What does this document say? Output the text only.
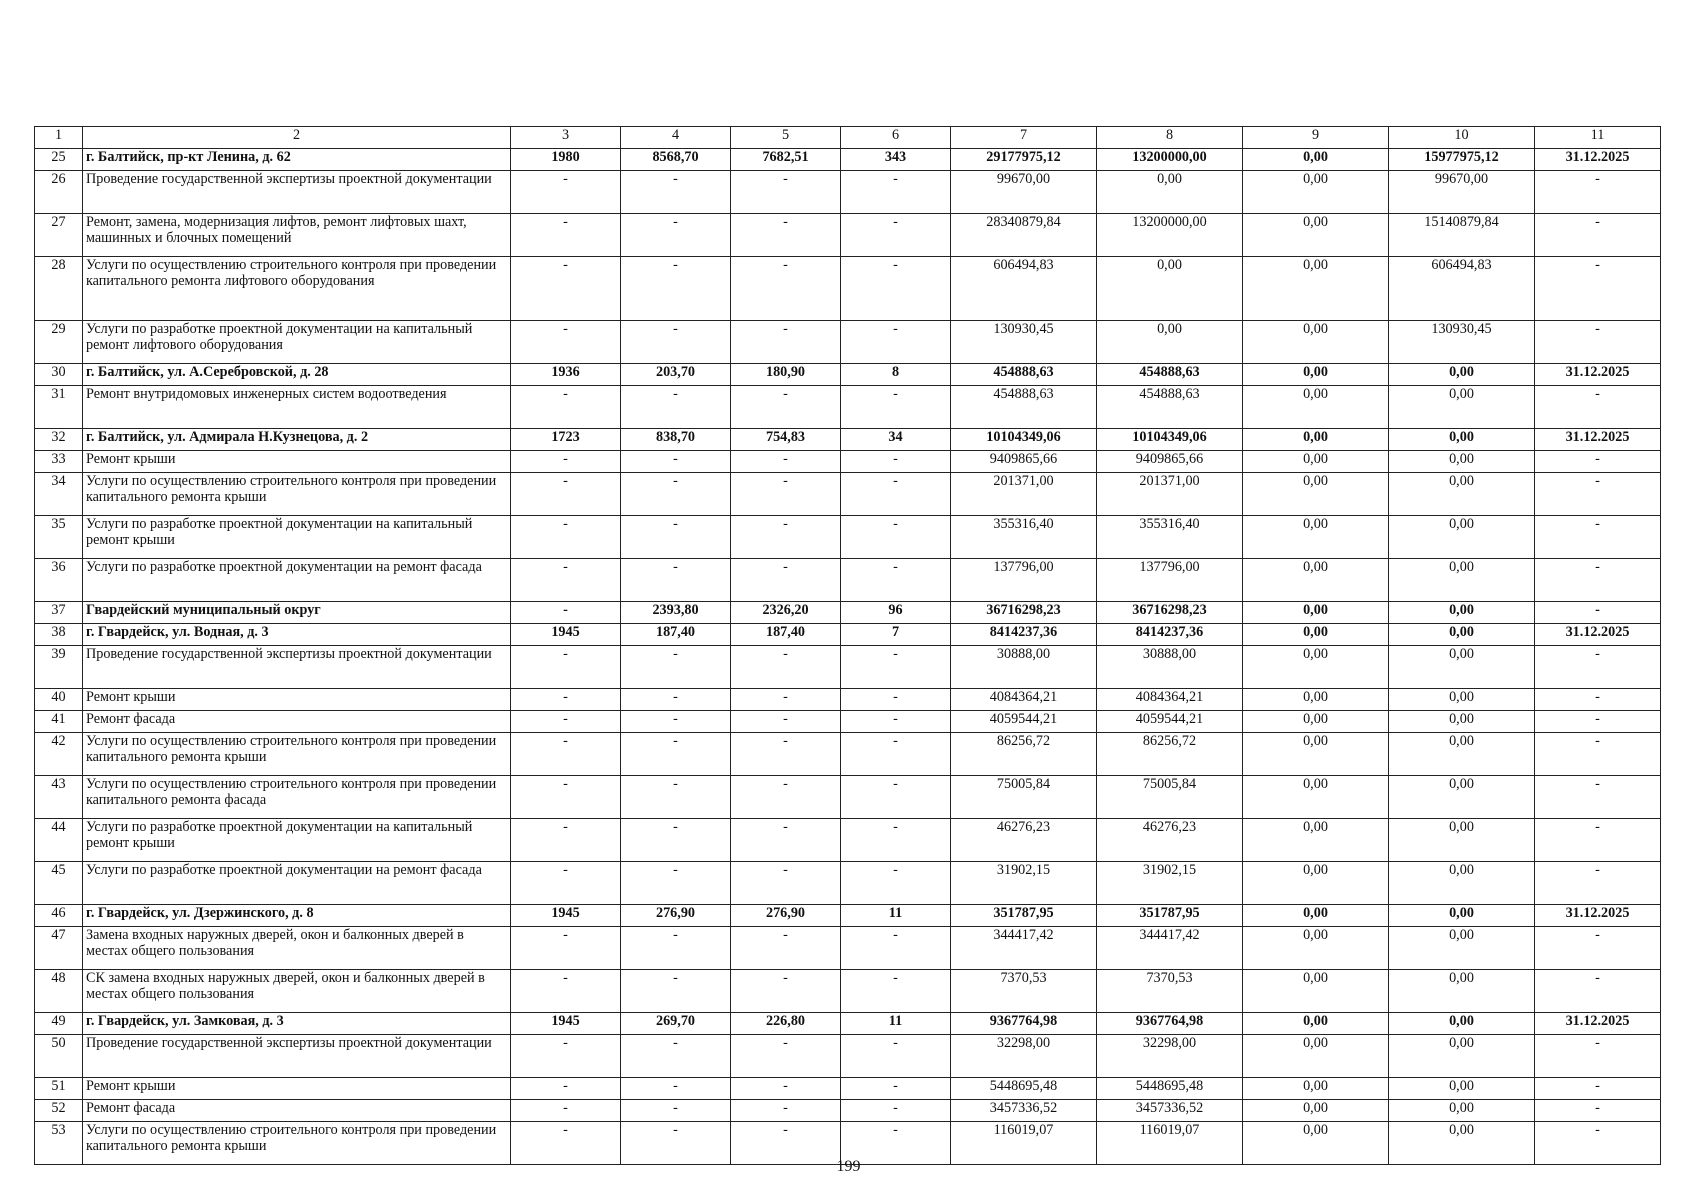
1	2	3	4	5	6	7	8	9	10	11
25	г. Балтийск, пр-кт Ленина, д. 62	1980	8568,70	7682,51	343	29177975,12	13200000,00	0,00	15977975,12	31.12.2025
26	Проведение государственной экспертизы проектной документации	-	-	-	-	99670,00	0,00	0,00	99670,00	-
27	Ремонт, замена, модернизация лифтов, ремонт лифтовых шахт, машинных и блочных помещений	-	-	-	-	28340879,84	13200000,00	0,00	15140879,84	-
28	Услуги по осуществлению строительного контроля при проведении капитального ремонта лифтового оборудования	-	-	-	-	606494,83	0,00	0,00	606494,83	-
29	Услуги по разработке проектной документации на капитальный ремонт лифтового оборудования	-	-	-	-	130930,45	0,00	0,00	130930,45	-
30	г. Балтийск, ул. А.Серебровской, д. 28	1936	203,70	180,90	8	454888,63	454888,63	0,00	0,00	31.12.2025
31	Ремонт внутридомовых инженерных систем водоотведения	-	-	-	-	454888,63	454888,63	0,00	0,00	-
32	г. Балтийск, ул. Адмирала Н.Кузнецова, д. 2	1723	838,70	754,83	34	10104349,06	10104349,06	0,00	0,00	31.12.2025
33	Ремонт крыши	-	-	-	-	9409865,66	9409865,66	0,00	0,00	-
34	Услуги по осуществлению строительного контроля при проведении капитального ремонта крыши	-	-	-	-	201371,00	201371,00	0,00	0,00	-
35	Услуги по разработке проектной документации на капитальный ремонт крыши	-	-	-	-	355316,40	355316,40	0,00	0,00	-
36	Услуги по разработке проектной документации на ремонт фасада	-	-	-	-	137796,00	137796,00	0,00	0,00	-
37	Гвардейский муниципальный округ	-	2393,80	2326,20	96	36716298,23	36716298,23	0,00	0,00	-
38	г. Гвардейск, ул. Водная, д. 3	1945	187,40	187,40	7	8414237,36	8414237,36	0,00	0,00	31.12.2025
39	Проведение государственной экспертизы проектной документации	-	-	-	-	30888,00	30888,00	0,00	0,00	-
40	Ремонт крыши	-	-	-	-	4084364,21	4084364,21	0,00	0,00	-
41	Ремонт фасада	-	-	-	-	4059544,21	4059544,21	0,00	0,00	-
42	Услуги по осуществлению строительного контроля при проведении капитального ремонта крыши	-	-	-	-	86256,72	86256,72	0,00	0,00	-
43	Услуги по осуществлению строительного контроля при проведении капитального ремонта фасада	-	-	-	-	75005,84	75005,84	0,00	0,00	-
44	Услуги по разработке проектной документации на капитальный ремонт крыши	-	-	-	-	46276,23	46276,23	0,00	0,00	-
45	Услуги по разработке проектной документации на ремонт фасада	-	-	-	-	31902,15	31902,15	0,00	0,00	-
46	г. Гвардейск, ул. Дзержинского, д. 8	1945	276,90	276,90	11	351787,95	351787,95	0,00	0,00	31.12.2025
47	Замена входных наружных дверей, окон и балконных дверей в местах общего пользования	-	-	-	-	344417,42	344417,42	0,00	0,00	-
48	СК замена входных наружных дверей, окон и балконных дверей в местах общего пользования	-	-	-	-	7370,53	7370,53	0,00	0,00	-
49	г. Гвардейск, ул. Замковая, д. 3	1945	269,70	226,80	11	9367764,98	9367764,98	0,00	0,00	31.12.2025
50	Проведение государственной экспертизы проектной документации	-	-	-	-	32298,00	32298,00	0,00	0,00	-
51	Ремонт крыши	-	-	-	-	5448695,48	5448695,48	0,00	0,00	-
52	Ремонт фасада	-	-	-	-	3457336,52	3457336,52	0,00	0,00	-
53	Услуги по осуществлению строительного контроля при проведении капитального ремонта крыши	-	-	-	-	116019,07	116019,07	0,00	0,00	-
199
